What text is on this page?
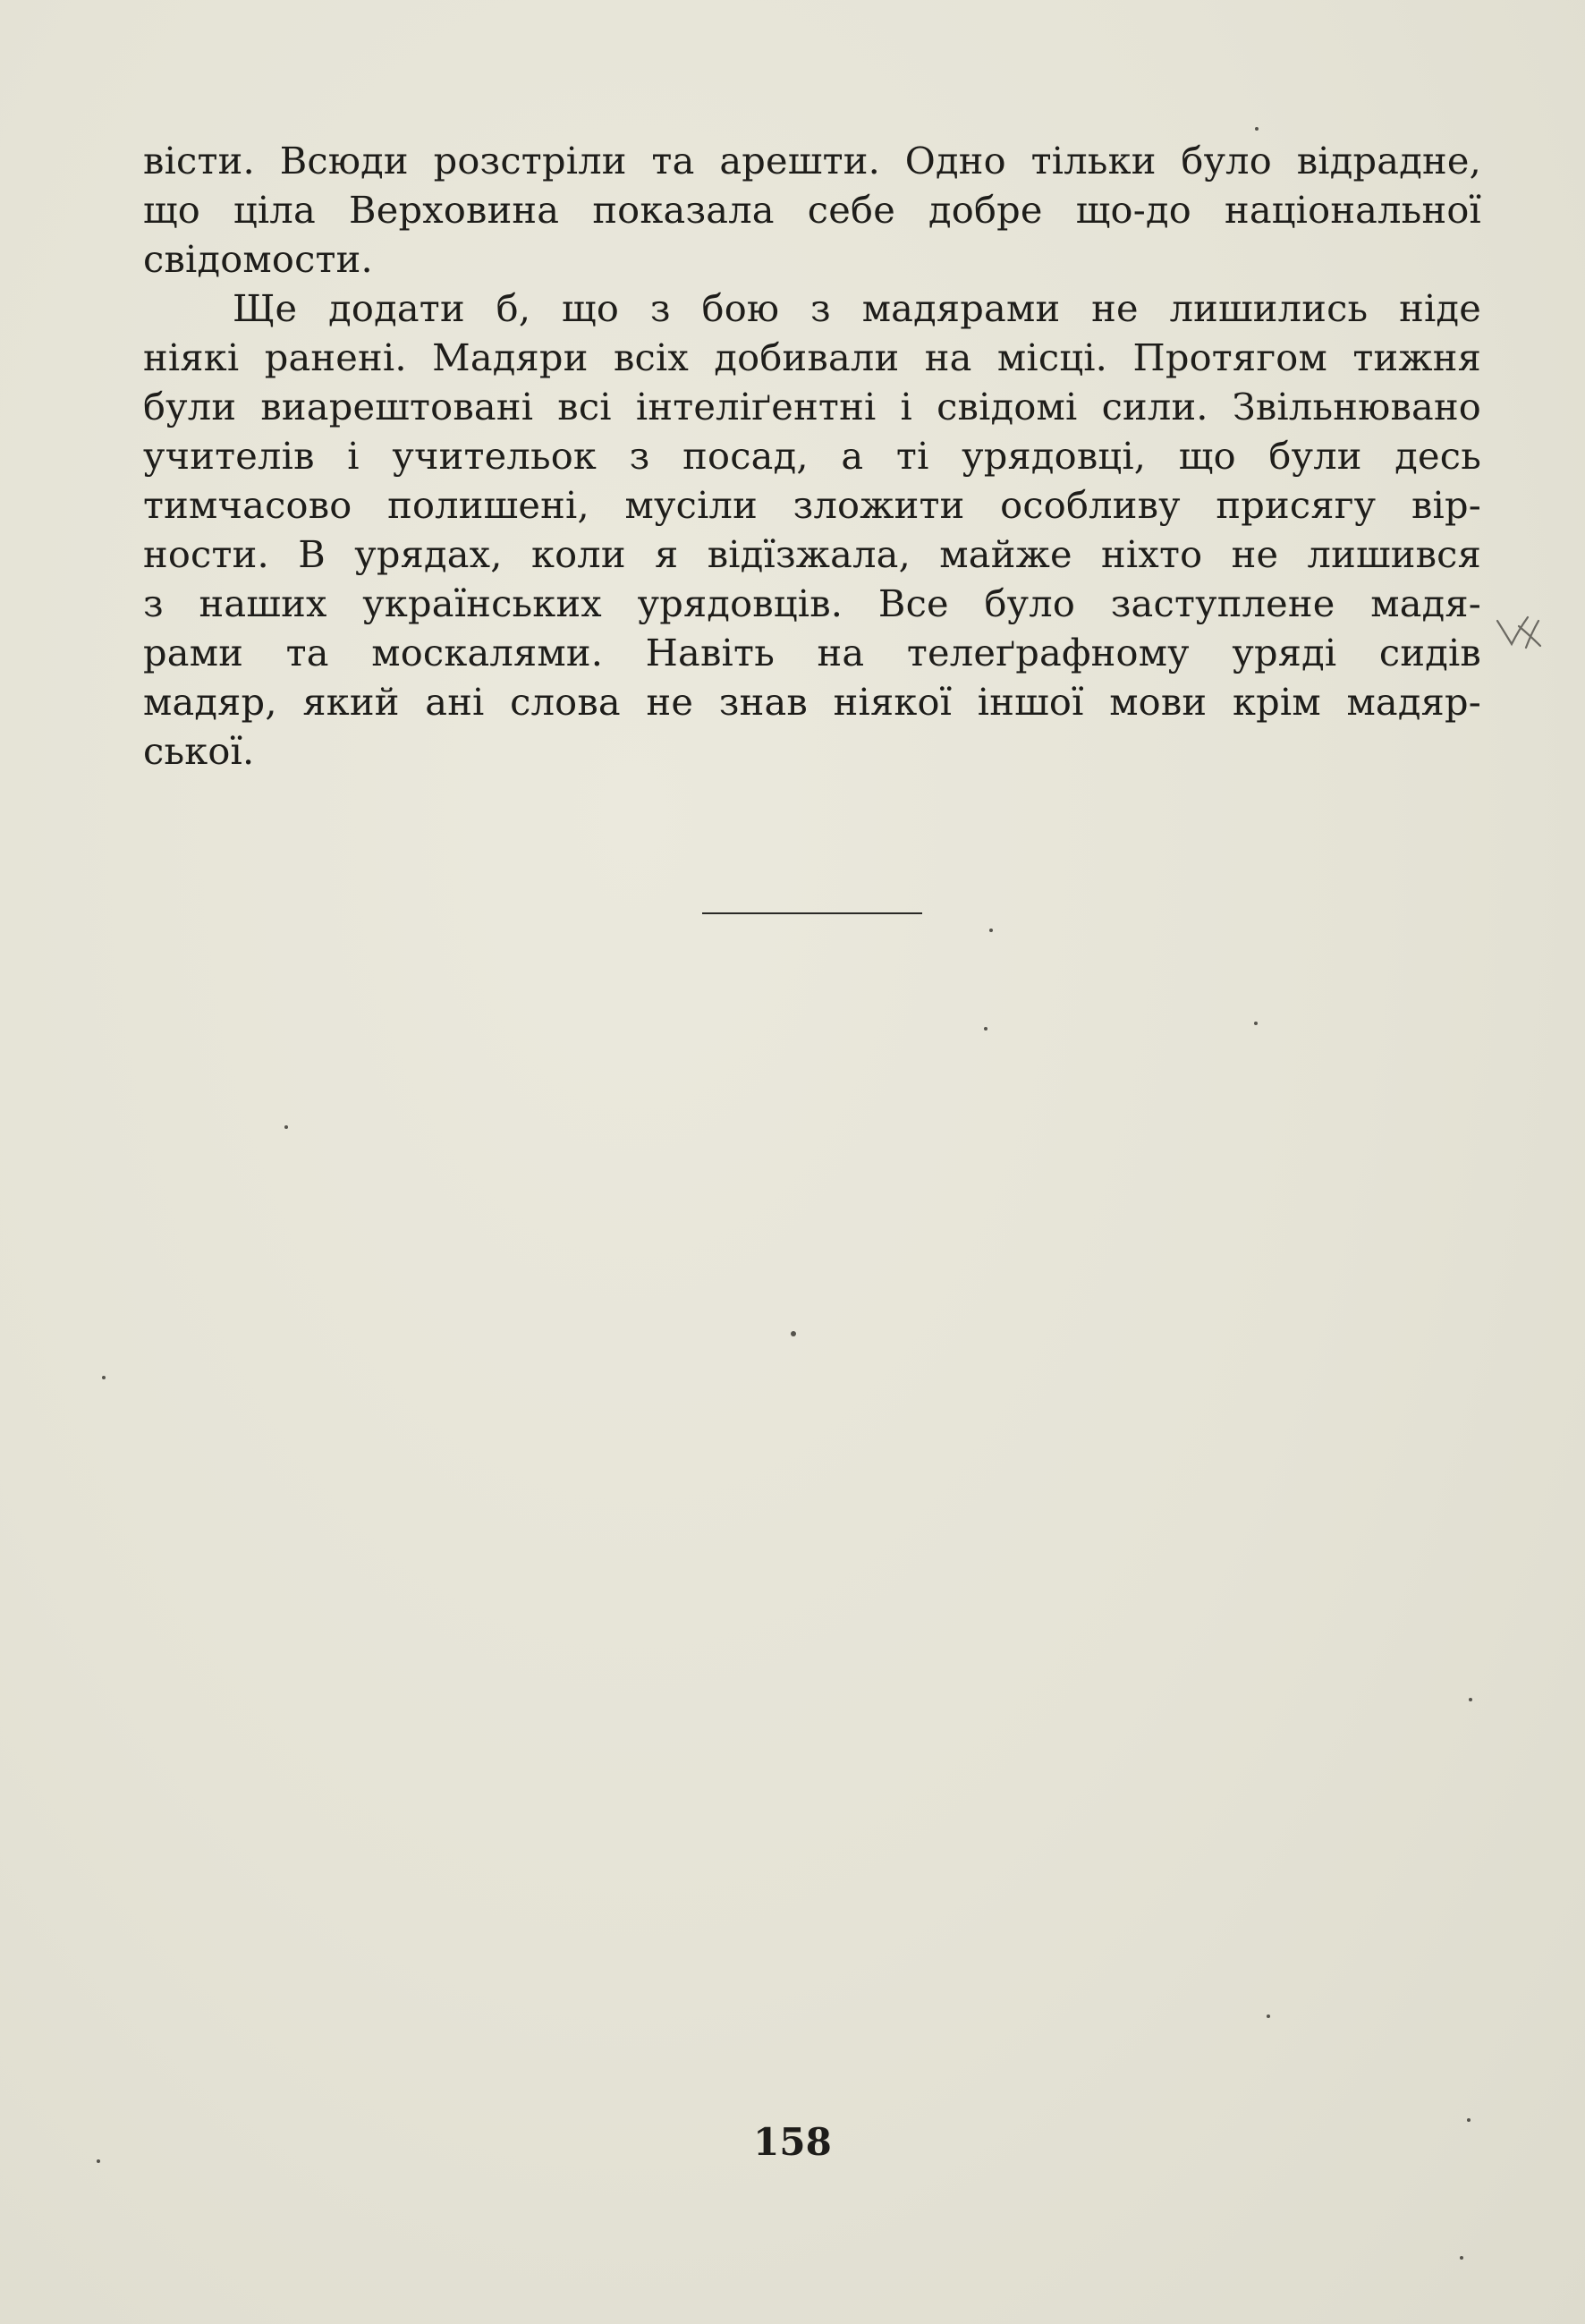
вісти. Всюди розстріли та арешти. Одно тільки було відрадне,
що ціла Верховина показала себе добре що-до національної
свідомости.
Ще додати б, що з бою з мадярами не лишились ніде
ніякі ранені. Мадяри всіх добивали на місці. Протягом тижня
були виарештовані всі інтеліґентні і свідомі сили. Звільнювано
учителів і учительок з посад, а ті урядовці, що були десь
тимчасово полишені, мусіли зложити особливу присягу вір-
ности. В урядах, коли я відїзжала, майже ніхто не лишився
з наших українських урядовців. Все було заступлене мадя-
рами та москалями. Навіть на телеґрафному уряді сидів
мадяр, який ані слова не знав ніякої іншої мови крім мадяр-
ської.
158
